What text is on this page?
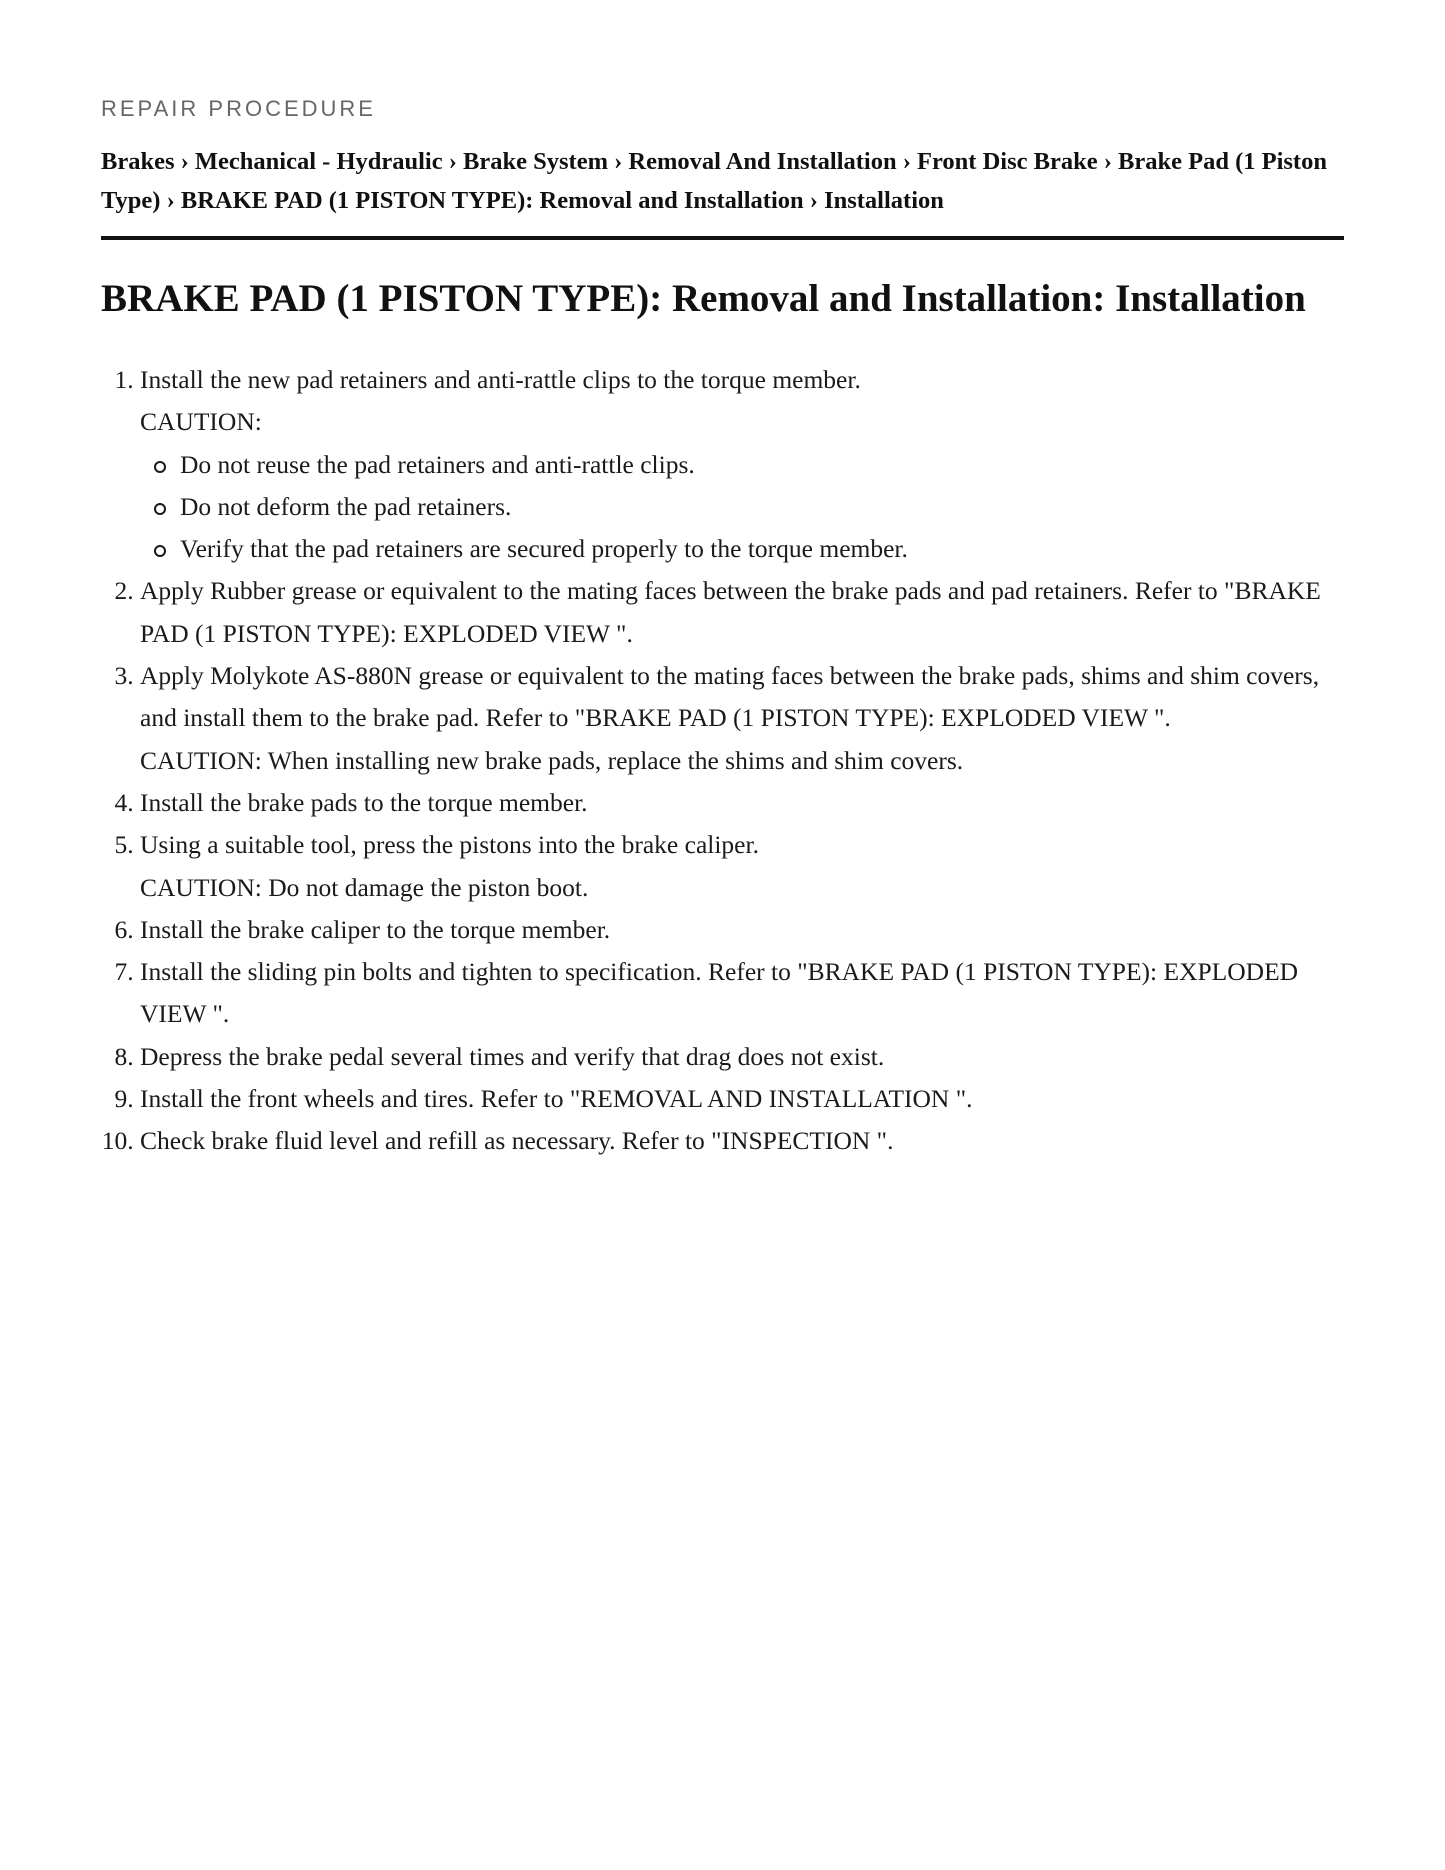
REPAIR PROCEDURE
Brakes › Mechanical - Hydraulic › Brake System › Removal And Installation › Front Disc Brake › Brake Pad (1 Piston Type) › BRAKE PAD (1 PISTON TYPE): Removal and Installation › Installation
BRAKE PAD (1 PISTON TYPE): Removal and Installation: Installation
1. Install the new pad retainers and anti-rattle clips to the torque member.
CAUTION:
Do not reuse the pad retainers and anti-rattle clips.
Do not deform the pad retainers.
Verify that the pad retainers are secured properly to the torque member.
2. Apply Rubber grease or equivalent to the mating faces between the brake pads and pad retainers. Refer to "BRAKE PAD (1 PISTON TYPE): EXPLODED VIEW ".
3. Apply Molykote AS-880N grease or equivalent to the mating faces between the brake pads, shims and shim covers, and install them to the brake pad. Refer to "BRAKE PAD (1 PISTON TYPE): EXPLODED VIEW ".
CAUTION: When installing new brake pads, replace the shims and shim covers.
4. Install the brake pads to the torque member.
5. Using a suitable tool, press the pistons into the brake caliper.
CAUTION: Do not damage the piston boot.
6. Install the brake caliper to the torque member.
7. Install the sliding pin bolts and tighten to specification. Refer to "BRAKE PAD (1 PISTON TYPE): EXPLODED VIEW ".
8. Depress the brake pedal several times and verify that drag does not exist.
9. Install the front wheels and tires. Refer to "REMOVAL AND INSTALLATION ".
10. Check brake fluid level and refill as necessary. Refer to "INSPECTION ".
